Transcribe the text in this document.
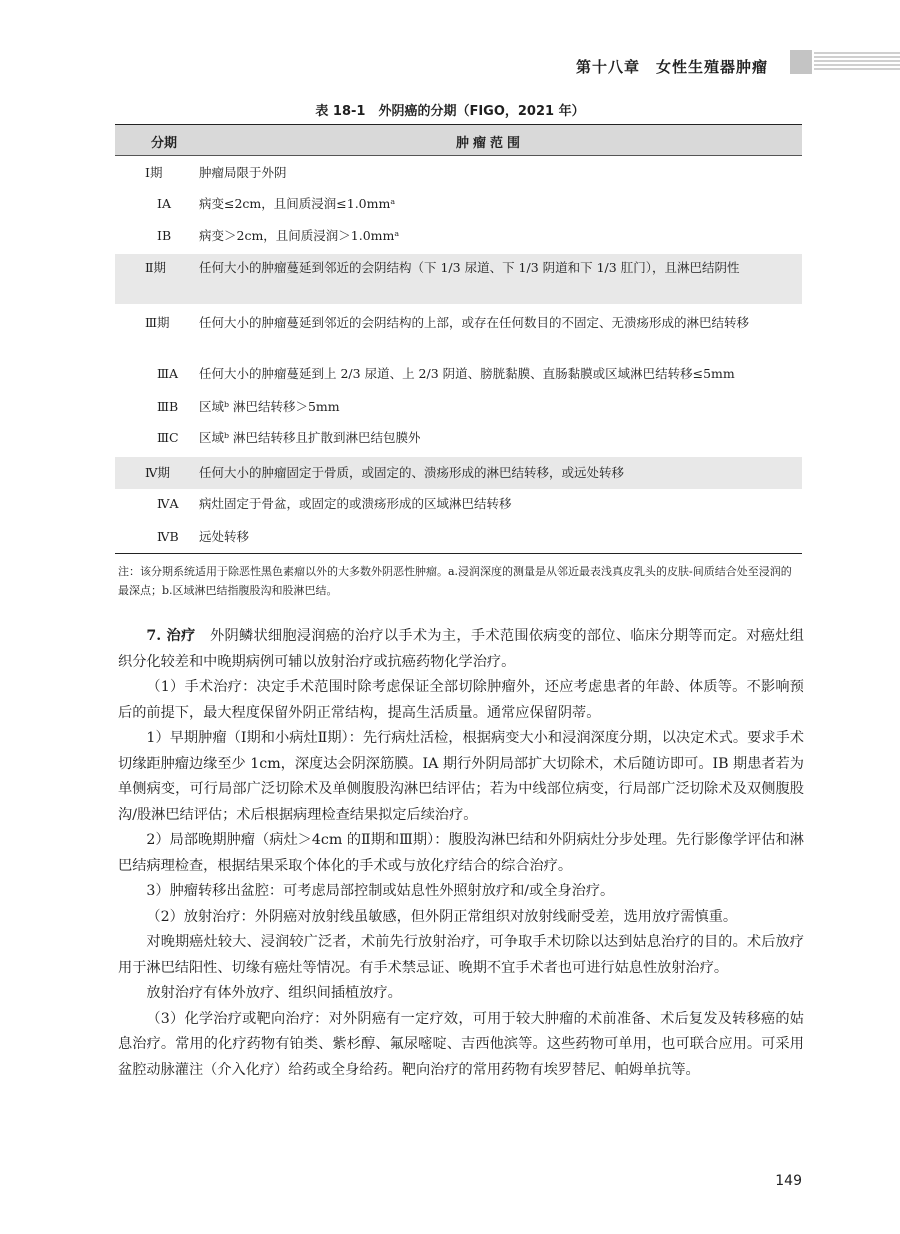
第十八章　女性生殖器肿瘤
表 18-1　外阴癌的分期（FIGO，2021 年）
分期	肿瘤范围
Ⅰ期	肿瘤局限于外阴
ⅠA 病变≤2cm，且间质浸润≤1.0mmᵃ
ⅠB 病变＞2cm，且间质浸润＞1.0mmᵃ
Ⅱ期	任何大小的肿瘤蔓延到邻近的会阴结构（下 1/3 尿道、下 1/3 阴道和下 1/3 肛门），且淋巴结阴性
Ⅲ期 任何大小的肿瘤蔓延到邻近的会阴结构的上部，或存在任何数目的不固定、无溃疡形成的淋巴结转移
ⅢA 任何大小的肿瘤蔓延到上 2/3 尿道、上 2/3 阴道、膀胱黏膜、直肠黏膜或区域淋巴结转移≤5mm
ⅢB 区域ᵇ 淋巴结转移＞5mm
ⅢC 区域ᵇ 淋巴结转移且扩散到淋巴结包膜外
Ⅳ期 任何大小的肿瘤固定于骨质，或固定的、溃疡形成的淋巴结转移，或远处转移
ⅣA 病灶固定于骨盆，或固定的或溃疡形成的区域淋巴结转移
ⅣB 远处转移
注：该分期系统适用于除恶性黑色素瘤以外的大多数外阴恶性肿瘤。a.浸润深度的测量是从邻近最表浅真皮乳头的皮肤-间质结合处至浸润的最深点；b.区域淋巴结指腹股沟和股淋巴结。

7. 治疗　外阴鳞状细胞浸润癌的治疗以手术为主，手术范围依病变的部位、临床分期等而定。对癌灶组织分化较差和中晚期病例可辅以放射治疗或抗癌药物化学治疗。

（1）手术治疗：决定手术范围时除考虑保证全部切除肿瘤外，还应考虑患者的年龄、体质等。不影响预后的前提下，最大程度保留外阴正常结构，提高生活质量。通常应保留阴蒂。

1）早期肿瘤（Ⅰ期和小病灶Ⅱ期）：先行病灶活检，根据病变大小和浸润深度分期，以决定术式。要求手术切缘距肿瘤边缘至少 1cm，深度达会阴深筋膜。ⅠA 期行外阴局部扩大切除术，术后随访即可。ⅠB 期患者若为单侧病变，可行局部广泛切除术及单侧腹股沟淋巴结评估；若为中线部位病变，行局部广泛切除术及双侧腹股沟/股淋巴结评估；术后根据病理检查结果拟定后续治疗。

2）局部晚期肿瘤（病灶＞4cm 的Ⅱ期和Ⅲ期）：腹股沟淋巴结和外阴病灶分步处理。先行影像学评估和淋巴结病理检查，根据结果采取个体化的手术或与放化疗结合的综合治疗。

3）肿瘤转移出盆腔：可考虑局部控制或姑息性外照射放疗和/或全身治疗。

（2）放射治疗：外阴癌对放射线虽敏感，但外阴正常组织对放射线耐受差，选用放疗需慎重。

对晚期癌灶较大、浸润较广泛者，术前先行放射治疗，可争取手术切除以达到姑息治疗的目的。术后放疗用于淋巴结阳性、切缘有癌灶等情况。有手术禁忌证、晚期不宜手术者也可进行姑息性放射治疗。

放射治疗有体外放疗、组织间插植放疗。

（3）化学治疗或靶向治疗：对外阴癌有一定疗效，可用于较大肿瘤的术前准备、术后复发及转移癌的姑息治疗。常用的化疗药物有铂类、紫杉醇、氟尿嘧啶、吉西他滨等。这些药物可单用，也可联合应用。可采用盆腔动脉灌注（介入化疗）给药或全身给药。靶向治疗的常用药物有埃罗替尼、帕姆单抗等。

149
